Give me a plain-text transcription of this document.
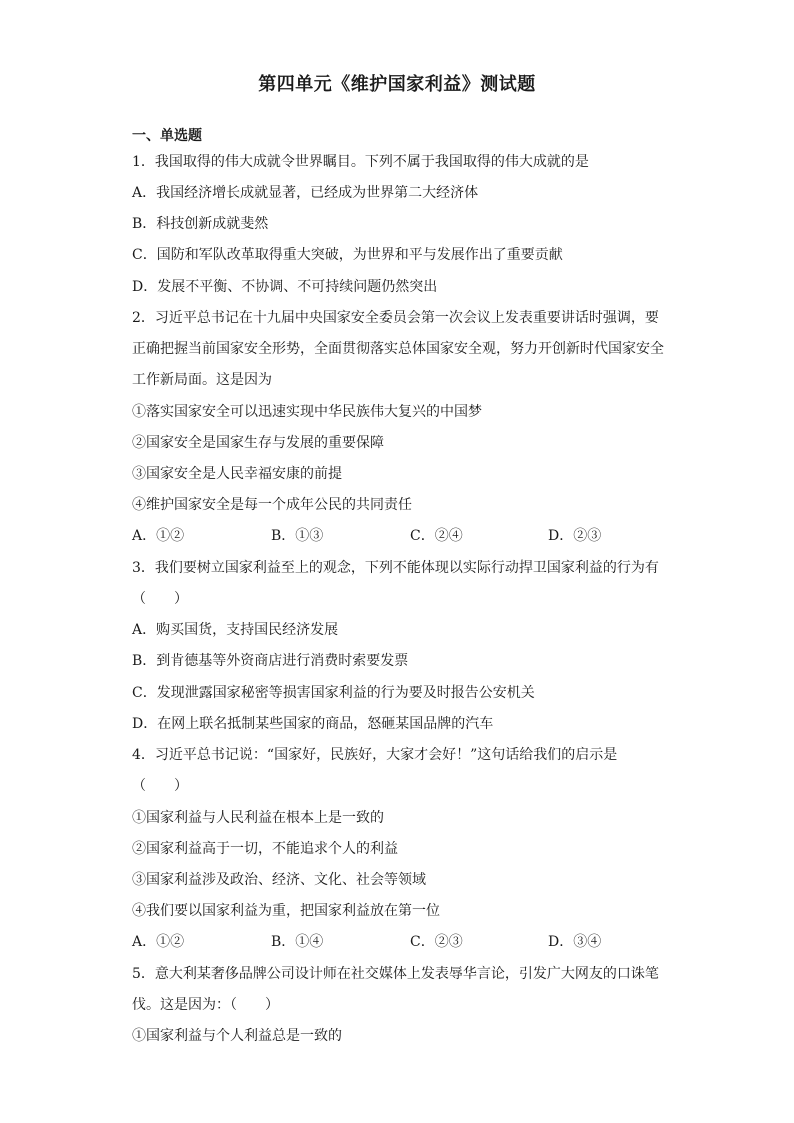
第四单元《维护国家利益》测试题
一、单选题
1．我国取得的伟大成就令世界瞩目。下列不属于我国取得的伟大成就的是
A．我国经济增长成就显著，已经成为世界第二大经济体
B．科技创新成就斐然
C．国防和军队改革取得重大突破，为世界和平与发展作出了重要贡献
D．发展不平衡、不协调、不可持续问题仍然突出
2．习近平总书记在十九届中央国家安全委员会第一次会议上发表重要讲话时强调，要
正确把握当前国家安全形势，全面贯彻落实总体国家安全观，努力开创新时代国家安全
工作新局面。这是因为
①落实国家安全可以迅速实现中华民族伟大复兴的中国梦
②国家安全是国家生存与发展的重要保障
③国家安全是人民幸福安康的前提
④维护国家安全是每一个成年公民的共同责任
A．①②	B．①③	C．②④	D．②③
3．我们要树立国家利益至上的观念，下列不能体现以实际行动捍卫国家利益的行为有
（　　）
A．购买国货，支持国民经济发展
B．到肯德基等外资商店进行消费时索要发票
C．发现泄露国家秘密等损害国家利益的行为要及时报告公安机关
D．在网上联名抵制某些国家的商品，怒砸某国品牌的汽车
4．习近平总书记说：“国家好，民族好，大家才会好！”这句话给我们的启示是
（　　）
①国家利益与人民利益在根本上是一致的
②国家利益高于一切，不能追求个人的利益
③国家利益涉及政治、经济、文化、社会等领域
④我们要以国家利益为重，把国家利益放在第一位
A．①②	B．①④	C．②③	D．③④
5．意大利某奢侈品牌公司设计师在社交媒体上发表辱华言论，引发广大网友的口诛笔
伐。这是因为：（　　）
①国家利益与个人利益总是一致的
